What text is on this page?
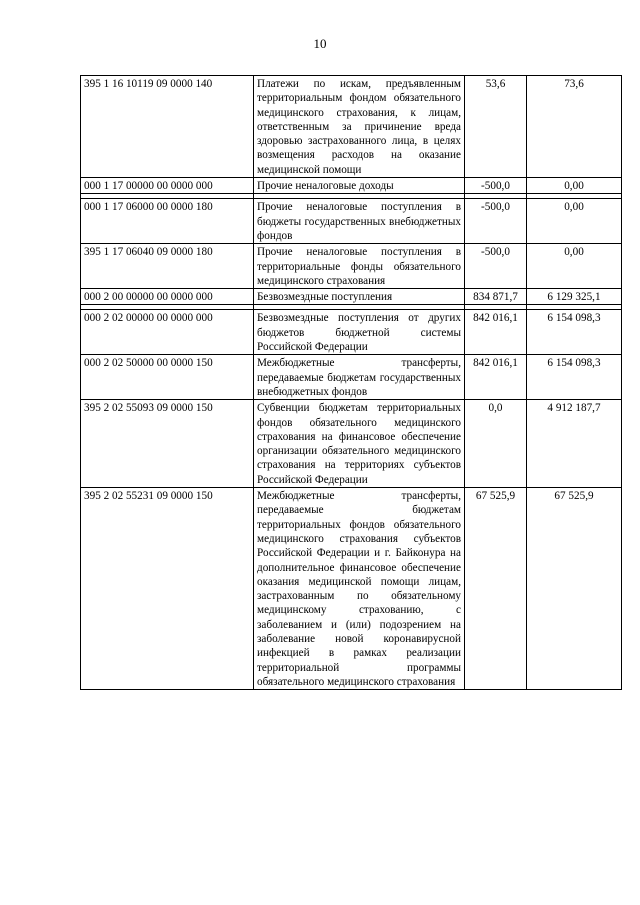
10
395 1 16 10119 09 0000 140	Платежи по искам, предъявленным территориальным фондом обязательного медицинского страхования, к лицам, ответственным за причинение вреда здоровью застрахованного лица, в целях возмещения расходов на оказание медицинской помощи	53,6	73,6
000 1 17 00000 00 0000 000	Прочие неналоговые доходы	-500,0	0,00

000 1 17 06000 00 0000 180	Прочие неналоговые поступления в бюджеты государственных внебюджетных фондов	-500,0	0,00
395 1 17 06040 09 0000 180	Прочие неналоговые поступления в территориальные фонды обязательного медицинского страхования	-500,0	0,00
000 2 00 00000 00 0000 000	Безвозмездные поступления	834 871,7	6 129 325,1

000 2 02 00000 00 0000 000	Безвозмездные поступления от других бюджетов бюджетной системы Российской Федерации	842 016,1	6 154 098,3
000 2 02 50000 00 0000 150	Межбюджетные трансферты, передаваемые бюджетам государственных внебюджетных фондов	842 016,1	6 154 098,3
395 2 02 55093 09 0000 150	Субвенции бюджетам территориальных фондов обязательного медицинского страхования на финансовое обеспечение организации обязательного медицинского страхования на территориях субъектов Российской Федерации	0,0	4 912 187,7
395 2 02 55231 09 0000 150	Межбюджетные трансферты, передаваемые бюджетам территориальных фондов обязательного медицинского страхования субъектов Российской Федерации и г. Байконура на дополнительное финансовое обеспечение оказания медицинской помощи лицам, застрахованным по обязательному медицинскому страхованию, с заболеванием и (или) подозрением на заболевание новой коронавирусной инфекцией в рамках реализации территориальной программы обязательного медицинского страхования	67 525,9	67 525,9
